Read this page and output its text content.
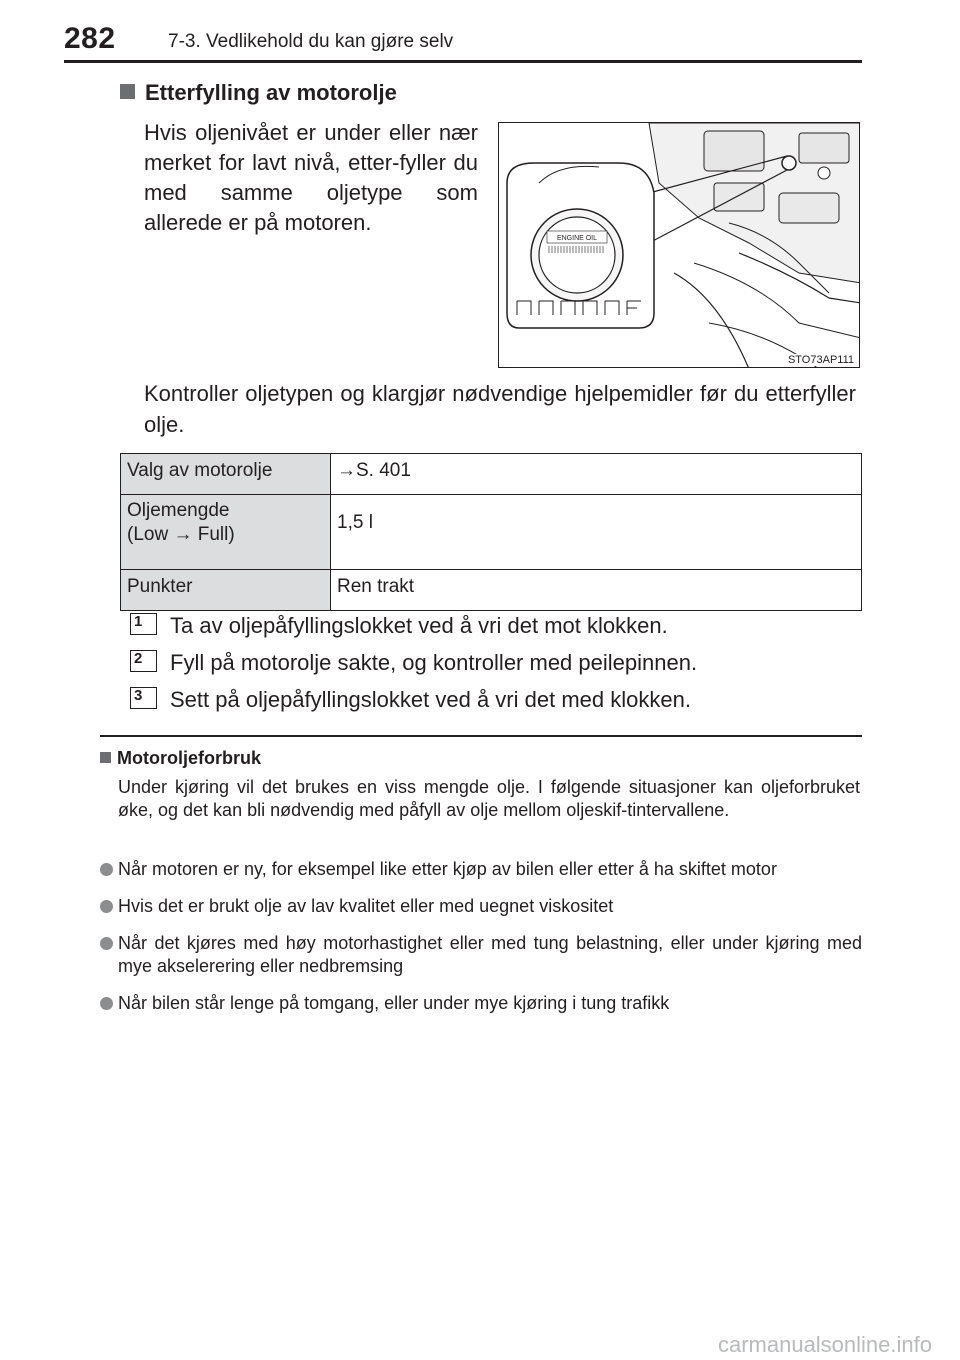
282	7-3. Vedlikehold du kan gjøre selv
Etterfylling av motorolje
Hvis oljenivået er under eller nær merket for lavt nivå, etter-fyller du med samme oljetype som allerede er på motoren.
ENGINE OIL
STO73AP111
Kontroller oljetypen og klargjør nødvendige hjelpemidler før du etterfyller olje.
Valg av motorolje	→S. 401
Oljemengde
(Low → Full)	1,5 l
Punkter	Ren trakt
1	Ta av oljepåfyllingslokket ved å vri det mot klokken.
2	Fyll på motorolje sakte, og kontroller med peilepinnen.
3	Sett på oljepåfyllingslokket ved å vri det med klokken.
Motoroljeforbruk
Under kjøring vil det brukes en viss mengde olje. I følgende situasjoner kan oljeforbruket øke, og det kan bli nødvendig med påfyll av olje mellom oljeskif-tintervallene.
Når motoren er ny, for eksempel like etter kjøp av bilen eller etter å ha skiftet motor
Hvis det er brukt olje av lav kvalitet eller med uegnet viskositet
Når det kjøres med høy motorhastighet eller med tung belastning, eller under kjøring med mye akselerering eller nedbremsing
Når bilen står lenge på tomgang, eller under mye kjøring i tung trafikk
carmanualsonline.info
